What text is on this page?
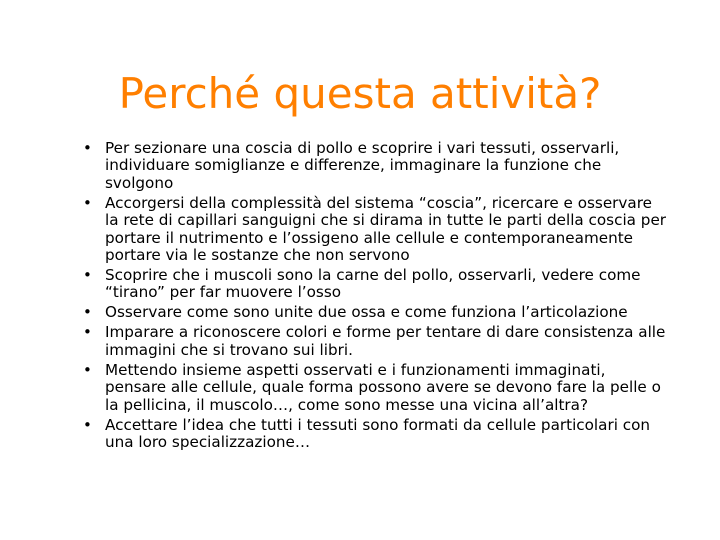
Perché questa attività?
• Per sezionare una coscia di pollo e scoprire i vari tessuti, osservarli, individuare somiglianze e differenze, immaginare la funzione che svolgono
• Accorgersi della complessità del sistema “coscia”, ricercare e osservare la rete di capillari sanguigni che si dirama in tutte le parti della coscia per portare il nutrimento e l’ossigeno alle cellule e contemporaneamente portare via le sostanze che non servono
• Scoprire che i muscoli sono la carne del pollo, osservarli, vedere come “tirano” per far muovere l’osso
• Osservare come sono unite due ossa e come funziona l’articolazione
• Imparare a riconoscere colori e forme per tentare di dare consistenza alle immagini che si trovano sui libri.
• Mettendo insieme aspetti osservati e i funzionamenti immaginati, pensare alle cellule, quale forma possono avere se devono fare la pelle o la pellicina, il muscolo…, come sono messe una vicina all’altra?
• Accettare l’idea che tutti i tessuti sono formati da cellule particolari con una loro specializzazione…
